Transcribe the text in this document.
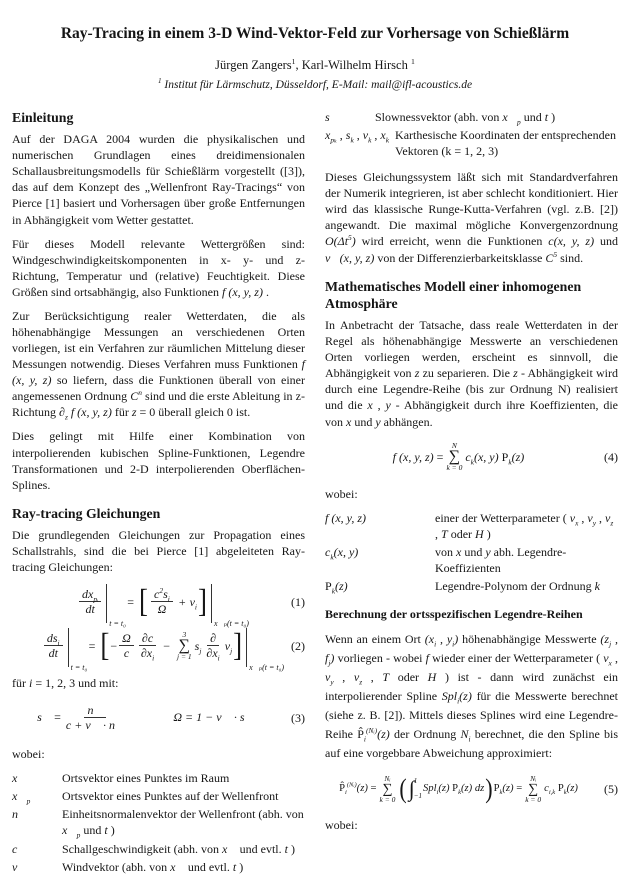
Ray-Tracing in einem 3-D Wind-Vektor-Feld zur Vorhersage von Schießlärm
Jürgen Zangers$^1$, Karl-Wilhelm Hirsch $^1$
$^1$ Institut für Lärmschutz, Düsseldorf, E-Mail: mail@ifl-acoustics.de
Einleitung

Auf der DAGA 2004 wurden die physikalischen und numerischen Grundlagen eines dreidimensionalen Schallausbreitungsmodells für Schießlärm vorgestellt ([3]), das auf dem Konzept des „Wellenfront Ray-Tracings“ von Pierce [1] basiert und Vorhersagen über große Entfernungen in Abhängigkeit vom Wetter gestattet.

Für dieses Modell relevante Wettergrößen sind: Windgeschwindigkeitskomponenten in x- y- und z-Richtung, Temperatur und (relative) Feuchtigkeit. Diese Größen sind ortsabhängig, also Funktionen f (x, y, z) .

Zur Berücksichtigung realer Wetterdaten, die als höhenabhängige Messungen an verschiedenen Orten vorliegen, ist ein Verfahren zur räumlichen Mittelung dieser Messungen notwendig. Dieses Verfahren muss Funktionen f (x, y, z) so liefern, dass die Funktionen überall von einer angemessenen Ordnung $C^n$ sind und die erste Ableitung in z-Richtung $\partial_z$ f (x, y, z) für z = 0 überall gleich 0 ist.

Dies gelingt mit Hilfe einer Kombination von interpolierenden kubischen Spline-Funktionen, Legendre Transformationen und 2-D interpolierenden Oberflächen-Splines.

Ray-tracing Gleichungen

Die grundlegenden Gleichungen zur Propagation eines Schallstrahls, sind die bei Pierce [1] abgeleiteten Ray-tracing Gleichungen:

$\frac{dx_{pᵢ}}{dt}$
t = t₀
= [ $\frac{c^2s_i}{\Omega} + v_i$ ]
x⃗ₚ(t = t₀)
(1)
$\frac{ds_i}{dt}$
t = t₀
= [ − $\frac{\Omega}{c} \frac{\partial c}{\partial x_i}$ −
3
∑
j = 1
$s_j \frac{\partial}{\partial x_i} v_j$ ]
x⃗ₚ(t = t₀)
(2)

für i = 1, 2, 3 und mit:

s⃗ = $\frac{n⃗}{c + v⃗ \cdot n⃗}$	Ω = 1 − v⃗ · s⃗	(3)

wobei:

x⃗	Ortsvektor eines Punktes im Raum
$x⃗_p$	Ortsvektor eines Punktes auf der Wellenfront
n⃗	Einheitsnormalenvektor der Wellenfront (abh. von $x⃗_p$ und t )
c	Schallgeschwindigkeit (abh. von x⃗ und evtl. t )
v⃗	Windvektor (abh. von x⃗ und evtl. t )
s⃗	Slownessvektor (abh. von $x⃗_p$ und t )
$x_{p_k}$ , $s_k$ , $v_k$ , $x_k$ Karthesische Koordinaten der entsprechenden Vektoren (k = 1, 2, 3)

Dieses Gleichungssystem läßt sich mit Standardverfahren der Numerik integrieren, ist aber schlecht konditioniert. Hier wird das klassische Runge-Kutta-Verfahren (vgl. z.B. [2]) angewandt. Die maximal mögliche Konvergenzordnung $O(\Delta t^5)$ wird erreicht, wenn die Funktionen c(x, y, z) und v⃗(x, y, z) von der Differenzierbarkeitsklasse $C^5$ sind.

Mathematisches Modell einer inhomogenen Atmosphäre

In Anbetracht der Tatsache, dass reale Wetterdaten in der Regel als höhenabhängige Messwerte an verschiedenen Orten vorliegen werden, erscheint es sinnvoll, die Abhängigkeit von z zu separieren. Die z - Abhängigkeit wird durch eine Legendre-Reihe (bis zur Ordnung N) realisiert und die x , y - Abhängigkeit durch ihre Koeffizienten, die von x und y abhängen.

f (x, y, z) =
N
∑
k = 0
$c_k(x$, y) $P_k(z)$	(4)

wobei:

f (x, y, z)	einer der Wetterparameter ( $v_x$ , $v_y$ , $v_z$ , T oder H )
$c_k(x$, y)	von x und y abh. Legendre-Koeffizienten
$P_k(z)$	Legendre-Polynom der Ordnung k
Berechnung der ortsspezifischen Legendre-Reihen

Wenn an einem Ort ($x_i$ , $y_i$) höhenabhängige Messwerte ($z_j$ , $f_j$) vorliegen - wobei f wieder einer der Wetterparameter ( $v_x$ , $v_y$ , $v_z$ , T oder H ) ist - dann wird zunächst ein interpolierender Spline Spl$_i$(z) für die Messwerte berechnet (siehe z. B. [2]). Mittels dieses Splines wird eine Legendre-Reihe $P̂_i^{(Nᵢ)}(z)$ der Ordnung $N_i$ berechnet, die den Spline bis auf eine vorgebbare Abweichung approximiert:

$P̂_i^{(Nᵢ)}(z)$ =
Nᵢ
∑
k = 0 ( ∫ 1
−1
Spl$_i$(z) $P_k(z)$ dz ) $P_k(z)$ =
Nᵢ
∑
k = 0
$c_{i,k}$ $P_k(z)$ (5)

wobei:
